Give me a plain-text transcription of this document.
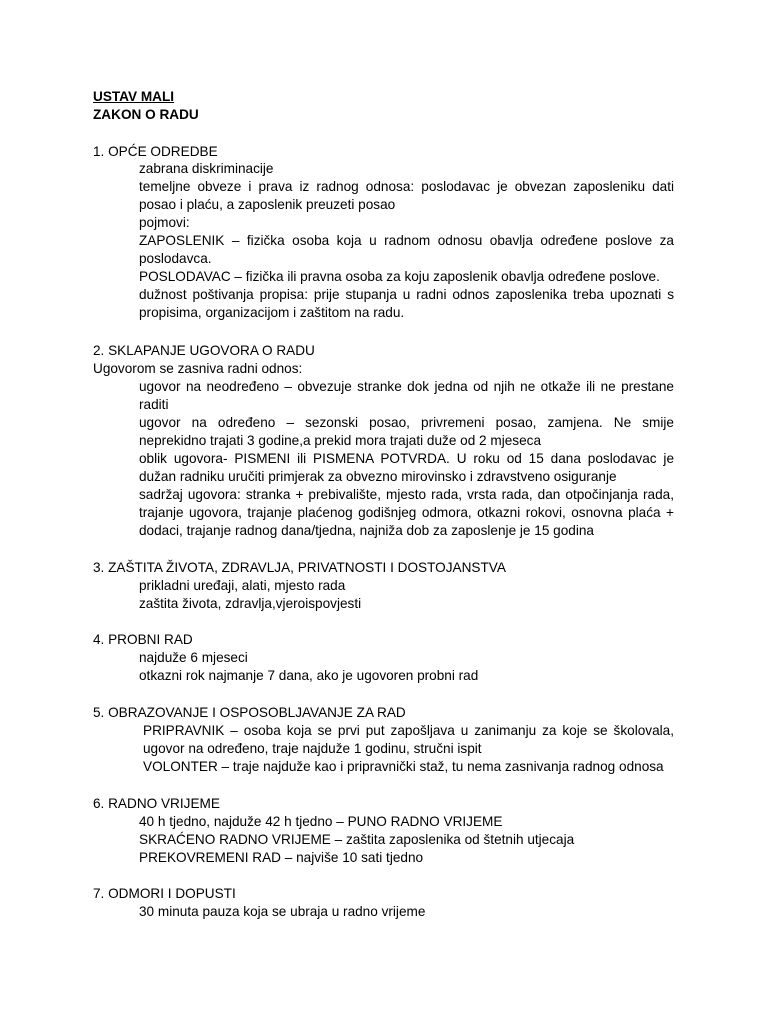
USTAV MALI
ZAKON O RADU
1. OPĆE ODREDBE
zabrana diskriminacije
temeljne obveze i prava iz radnog odnosa: poslodavac je obvezan zaposleniku dati
posao i plaću, a zaposlenik preuzeti posao
pojmovi:
ZAPOSLENIK – fizička osoba koja u radnom odnosu obavlja određene poslove za
poslodavca.
POSLODAVAC – fizička ili pravna osoba za koju zaposlenik obavlja određene poslove.
dužnost poštivanja propisa: prije stupanja u radni odnos zaposlenika treba upoznati s
propisima, organizacijom i zaštitom na radu.
2. SKLAPANJE UGOVORA O RADU
Ugovorom se zasniva radni odnos:
ugovor na neodređeno – obvezuje stranke dok jedna od njih ne otkaže ili ne prestane
raditi
ugovor na određeno – sezonski posao, privremeni posao, zamjena. Ne smije
neprekidno trajati 3 godine,a prekid mora trajati duže od 2 mjeseca
oblik ugovora- PISMENI ili PISMENA POTVRDA. U roku od 15 dana poslodavac je
dužan radniku uručiti primjerak za obvezno mirovinsko i zdravstveno osiguranje
sadržaj ugovora: stranka + prebivalište, mjesto rada, vrsta rada, dan otpočinjanja rada,
trajanje ugovora, trajanje plaćenog godišnjeg odmora, otkazni rokovi, osnovna plaća +
dodaci, trajanje radnog dana/tjedna, najniža dob za zaposlenje je 15 godina
3. ZAŠTITA ŽIVOTA, ZDRAVLJA, PRIVATNOSTI I DOSTOJANSTVA
prikladni uređaji, alati, mjesto rada
zaštita života, zdravlja,vjeroispovjesti
4. PROBNI RAD
najduže 6 mjeseci
otkazni rok najmanje 7 dana, ako je ugovoren probni rad
5. OBRAZOVANJE I OSPOSOBLJAVANJE ZA RAD
PRIPRAVNIK – osoba koja se prvi put zapošljava u zanimanju za koje se školovala,
ugovor na određeno, traje najduže 1 godinu, stručni ispit
VOLONTER – traje najduže kao i pripravnički staž, tu nema zasnivanja radnog odnosa
6. RADNO VRIJEME
40 h tjedno, najduže 42 h tjedno – PUNO RADNO VRIJEME
SKRAĆENO RADNO VRIJEME – zaštita zaposlenika od štetnih utjecaja
PREKOVREMENI RAD – najviše 10 sati tjedno
7. ODMORI I DOPUSTI
30 minuta pauza koja se ubraja u radno vrijeme
